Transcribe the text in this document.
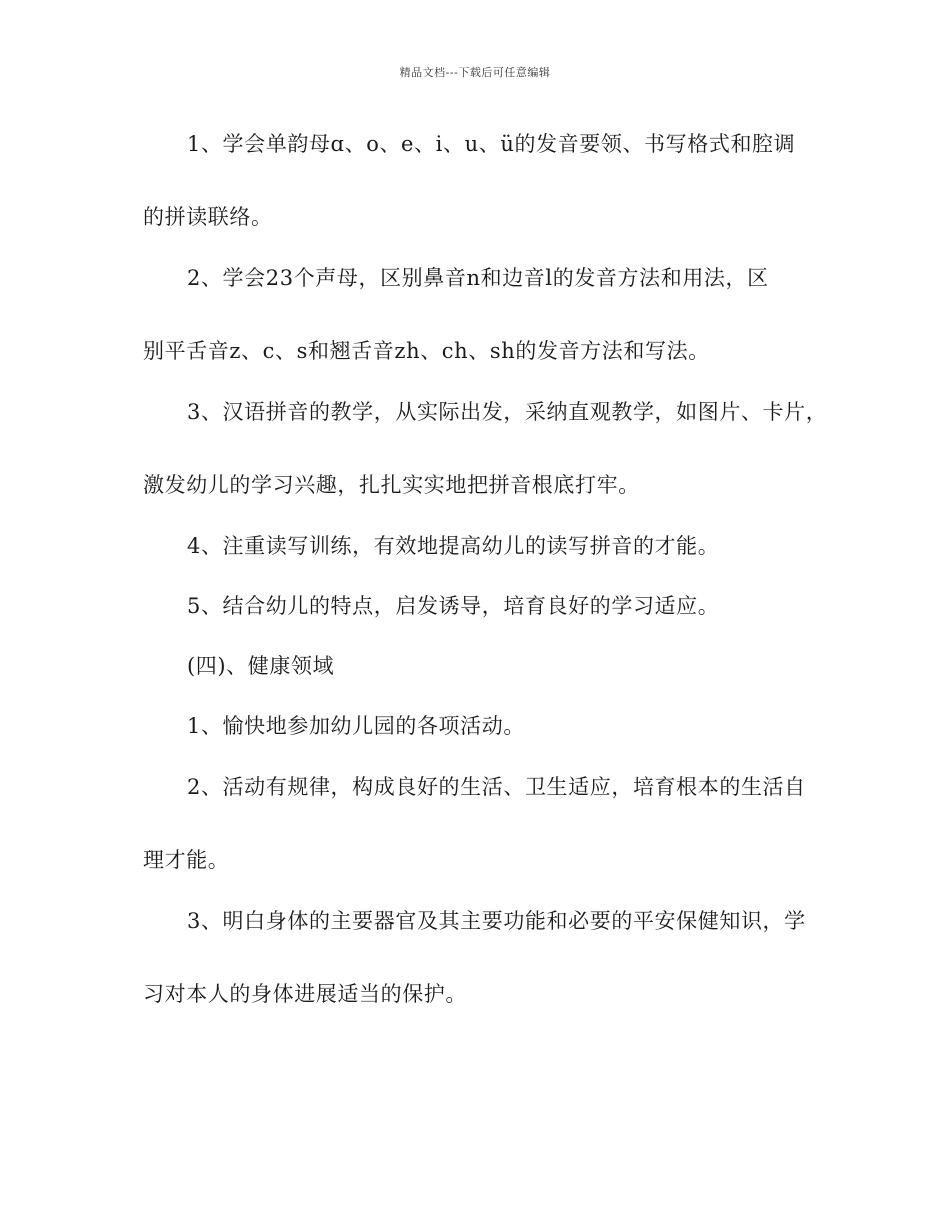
精品文档---下载后可任意编辑
1、学会单韵母ɑ、o、e、i、u、ü的发音要领、书写格式和腔调
的拼读联络。
2、学会23个声母，区别鼻音n和边音l的发音方法和用法，区
别平舌音z、c、s和翘舌音zh、ch、sh的发音方法和写法。
3、汉语拼音的教学，从实际出发，采纳直观教学，如图片、卡片，
激发幼儿的学习兴趣，扎扎实实地把拼音根底打牢。
4、注重读写训练，有效地提高幼儿的读写拼音的才能。
5、结合幼儿的特点，启发诱导，培育良好的学习适应。
(四)、健康领域
1、愉快地参加幼儿园的各项活动。
2、活动有规律，构成良好的生活、卫生适应，培育根本的生活自
理才能。
3、明白身体的主要器官及其主要功能和必要的平安保健知识，学
习对本人的身体进展适当的保护。
